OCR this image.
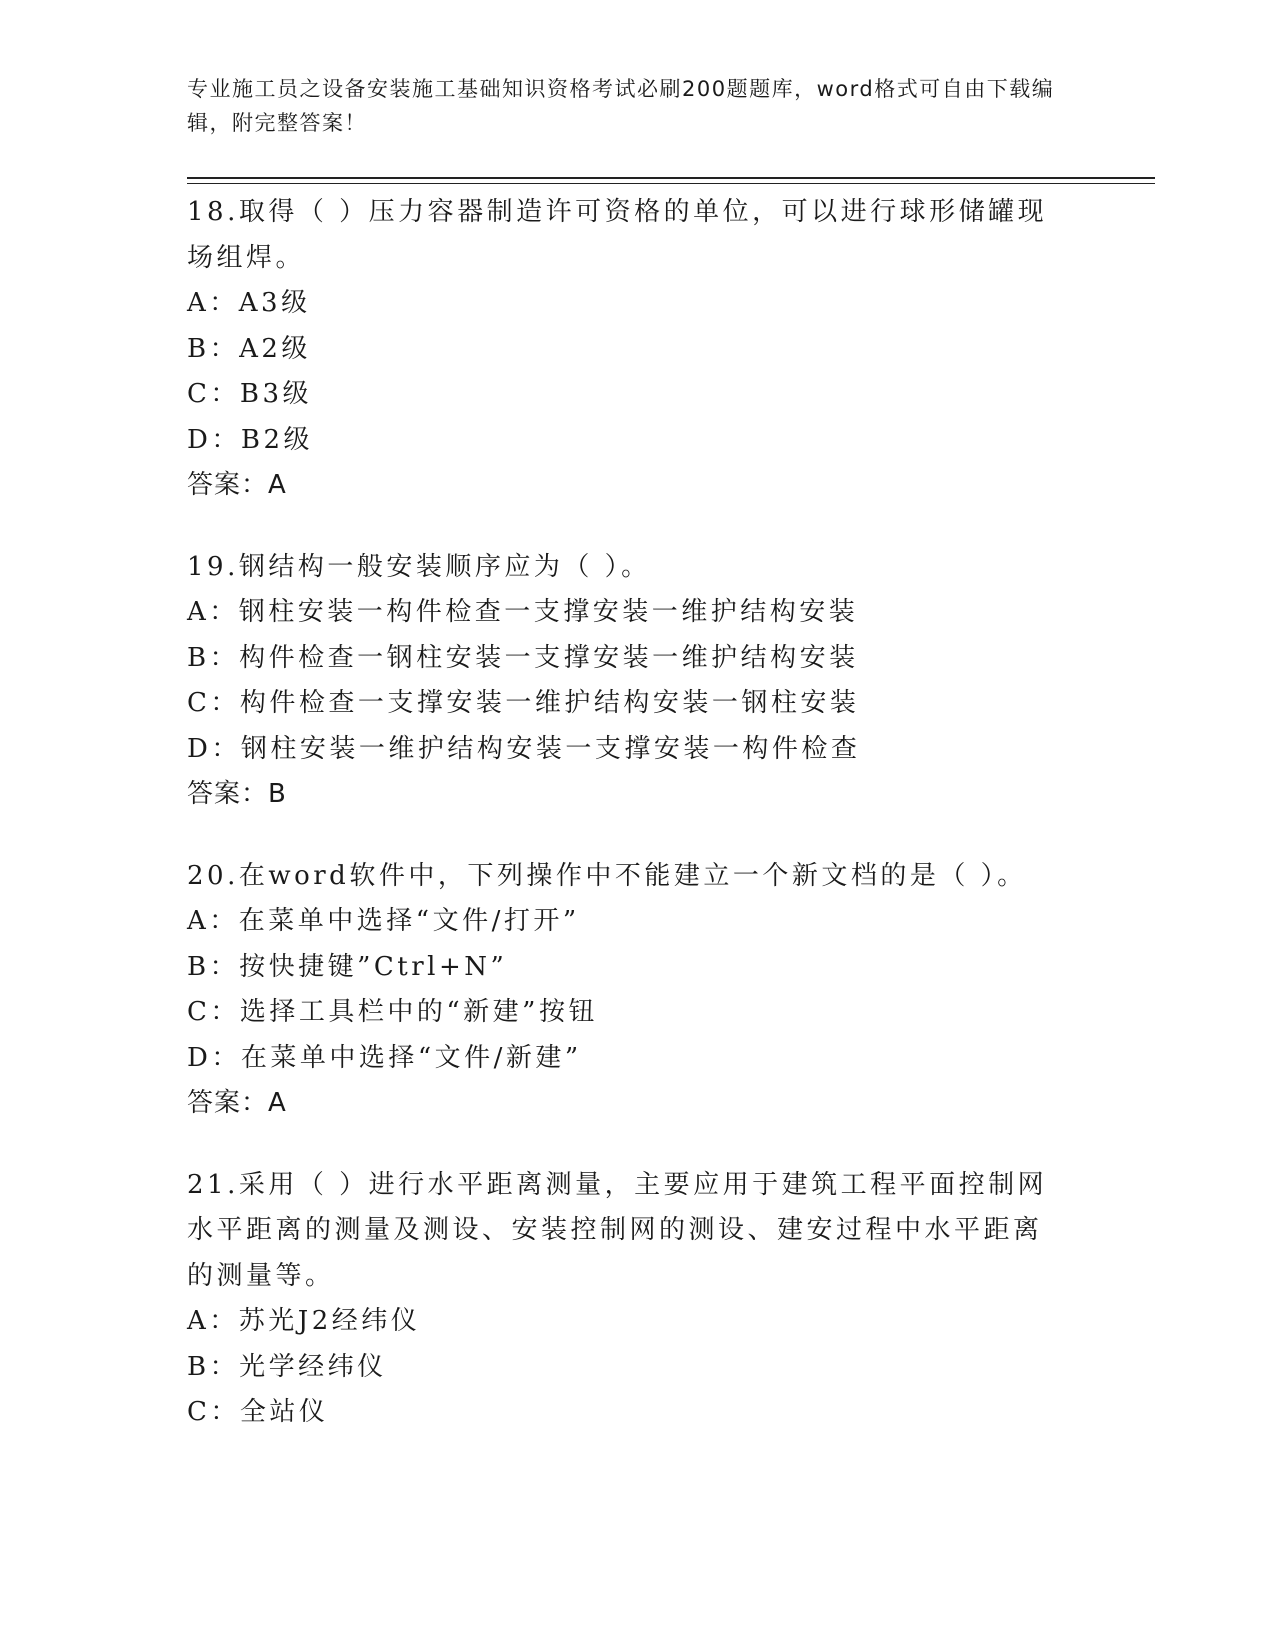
专业施工员之设备安装施工基础知识资格考试必刷200题题库，word格式可自由下载编辑，附完整答案！
18.取得（ ）压力容器制造许可资格的单位，可以进行球形储罐现场组焊。
A：A3级
B：A2级
C：B3级
D：B2级
答案：A
19.钢结构一般安装顺序应为（ ）。
A：钢柱安装一构件检查一支撑安装一维护结构安装
B：构件检查一钢柱安装一支撑安装一维护结构安装
C：构件检查一支撑安装一维护结构安装一钢柱安装
D：钢柱安装一维护结构安装一支撑安装一构件检查
答案：B
20.在word软件中，下列操作中不能建立一个新文档的是（ ）。
A：在菜单中选择“文件/打开”
B：按快捷键”Ctrl+N”
C：选择工具栏中的“新建”按钮
D：在菜单中选择“文件/新建”
答案：A
21.采用（ ）进行水平距离测量，主要应用于建筑工程平面控制网水平距离的测量及测设、安装控制网的测设、建安过程中水平距离的测量等。
A：苏光J2经纬仪
B：光学经纬仪
C：全站仪
